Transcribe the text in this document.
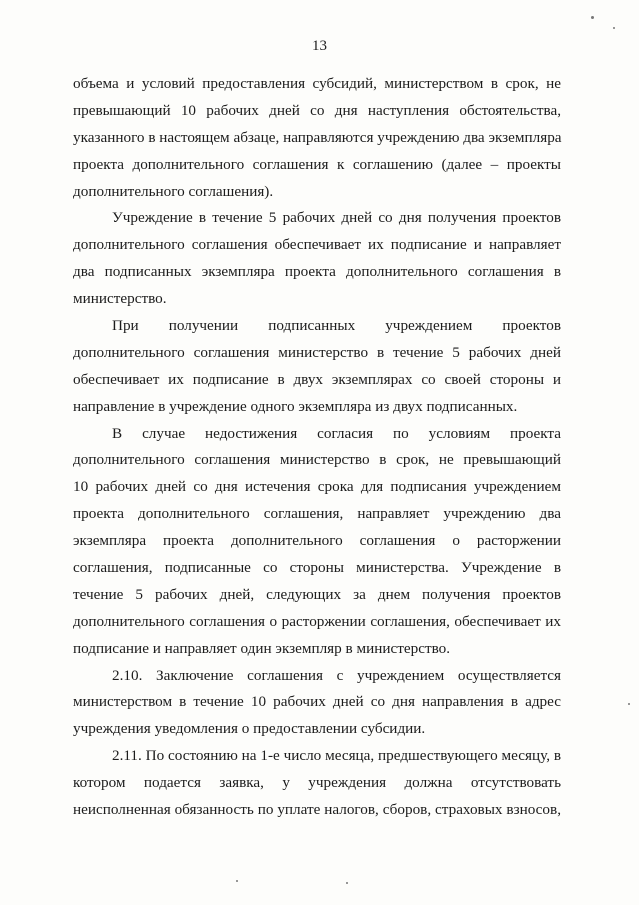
13
объема и условий предоставления субсидий, министерством в срок, не
превышающий 10 рабочих дней со дня наступления обстоятельства,
указанного в настоящем абзаце, направляются учреждению два экземпляра
проекта дополнительного соглашения к соглашению (далее – проекты
дополнительного соглашения).
Учреждение в течение 5 рабочих дней со дня получения проектов
дополнительного соглашения обеспечивает их подписание и направляет
два подписанных экземпляра проекта дополнительного соглашения в
министерство.
При получении подписанных учреждением проектов
дополнительного соглашения министерство в течение 5 рабочих дней
обеспечивает их подписание в двух экземплярах со своей стороны и
направление в учреждение одного экземпляра из двух подписанных.
В случае недостижения согласия по условиям проекта
дополнительного соглашения министерство в срок, не превышающий
10 рабочих дней со дня истечения срока для подписания учреждением
проекта дополнительного соглашения, направляет учреждению два
экземпляра проекта дополнительного соглашения о расторжении
соглашения, подписанные со стороны министерства. Учреждение в
течение 5 рабочих дней, следующих за днем получения проектов
дополнительного соглашения о расторжении соглашения, обеспечивает их
подписание и направляет один экземпляр в министерство.
2.10. Заключение соглашения с учреждением осуществляется
министерством в течение 10 рабочих дней со дня направления в адрес
учреждения уведомления о предоставлении субсидии.
2.11. По состоянию на 1-е число месяца, предшествующего месяцу, в
котором подается заявка, у учреждения должна отсутствовать
неисполненная обязанность по уплате налогов, сборов, страховых взносов,
